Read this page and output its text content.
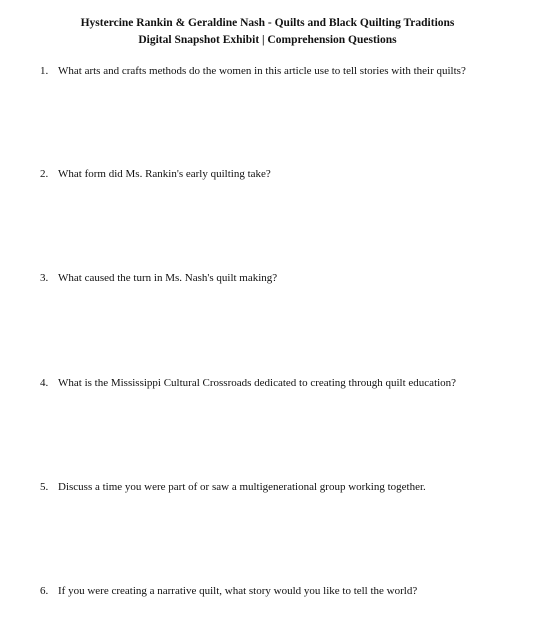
Hystercine Rankin & Geraldine Nash - Quilts and Black Quilting Traditions
Digital Snapshot Exhibit | Comprehension Questions
1. What arts and crafts methods do the women in this article use to tell stories with their quilts?
2. What form did Ms. Rankin's early quilting take?
3. What caused the turn in Ms. Nash's quilt making?
4. What is the Mississippi Cultural Crossroads dedicated to creating through quilt education?
5. Discuss a time you were part of or saw a multigenerational group working together.
6. If you were creating a narrative quilt, what story would you like to tell the world?
